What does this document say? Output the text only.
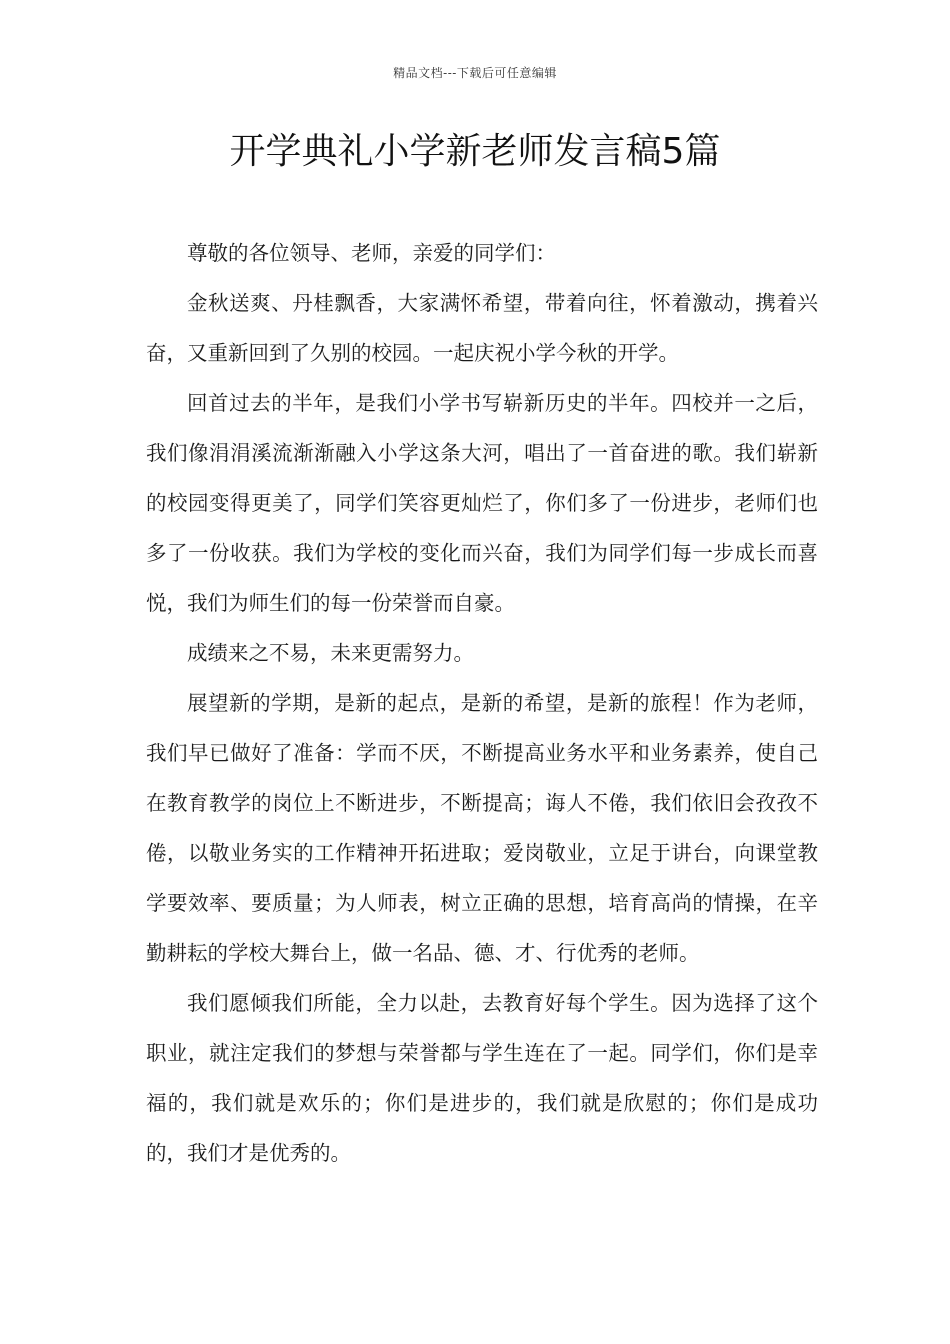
精品文档---下载后可任意编辑
开学典礼小学新老师发言稿5篇

尊敬的各位领导、老师，亲爱的同学们：

金秋送爽、丹桂飘香，大家满怀希望，带着向往，怀着激动，携着兴奋，又重新回到了久别的校园。一起庆祝小学今秋的开学。

回首过去的半年，是我们小学书写崭新历史的半年。四校并一之后，我们像涓涓溪流渐渐融入小学这条大河，唱出了一首奋进的歌。我们崭新的校园变得更美了，同学们笑容更灿烂了，你们多了一份进步，老师们也多了一份收获。我们为学校的变化而兴奋，我们为同学们每一步成长而喜悦，我们为师生们的每一份荣誉而自豪。

成绩来之不易，未来更需努力。

展望新的学期，是新的起点，是新的希望，是新的旅程！作为老师，我们早已做好了准备：学而不厌，不断提高业务水平和业务素养，使自己在教育教学的岗位上不断进步，不断提高；诲人不倦，我们依旧会孜孜不倦，以敬业务实的工作精神开拓进取；爱岗敬业，立足于讲台，向课堂教学要效率、要质量；为人师表，树立正确的思想，培育高尚的情操，在辛勤耕耘的学校大舞台上，做一名品、德、才、行优秀的老师。

我们愿倾我们所能，全力以赴，去教育好每个学生。因为选择了这个职业，就注定我们的梦想与荣誉都与学生连在了一起。同学们，你们是幸福的，我们就是欢乐的；你们是进步的，我们就是欣慰的；你们是成功的，我们才是优秀的。
